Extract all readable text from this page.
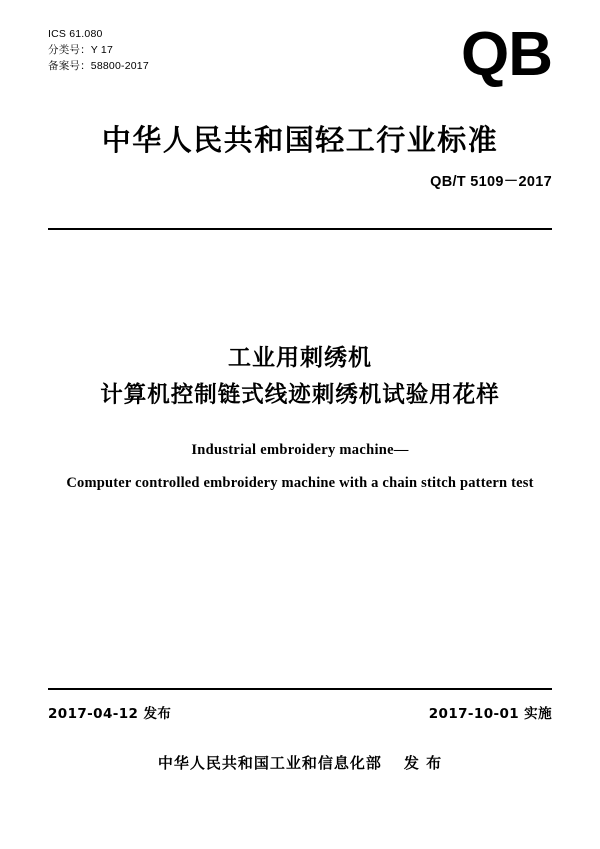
ICS 61.080
分类号：Y 17
备案号：58800-2017	QB
中华人民共和国轻工行业标准
QB/T 5109－2017
工业用刺绣机
计算机控制链式线迹刺绣机试验用花样
Industrial embroidery machine—
Computer controlled embroidery machine with a chain stitch pattern test
2017-04-12 发布	2017-10-01 实施
中华人民共和国工业和信息化部 发 布
